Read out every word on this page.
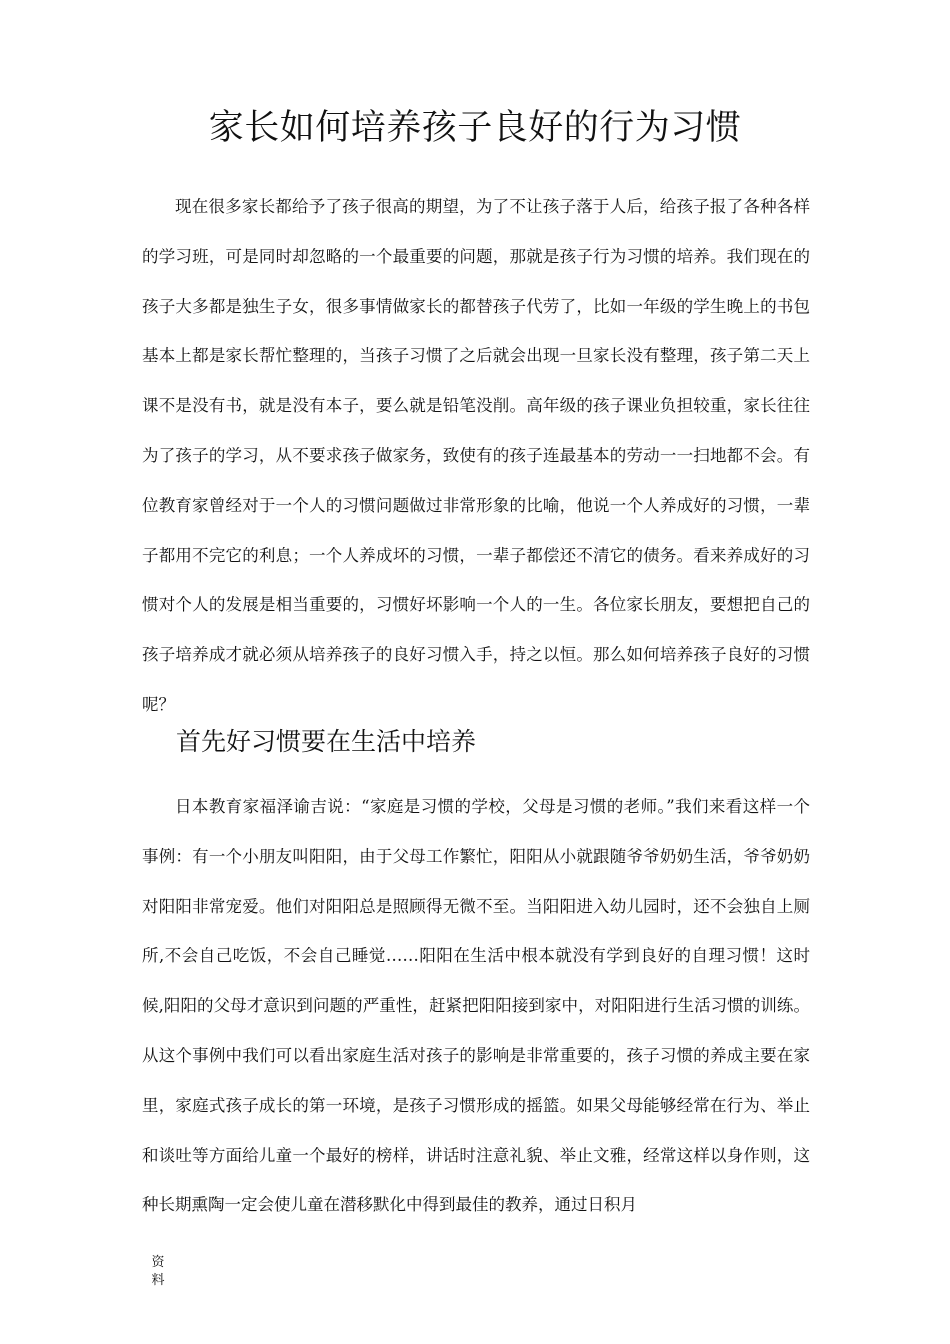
家长如何培养孩子良好的行为习惯

现在很多家长都给予了孩子很高的期望，为了不让孩子落于人后，给孩子报了各种各样的学习班，可是同时却忽略的一个最重要的问题，那就是孩子行为习惯的培养。我们现在的孩子大多都是独生子女，很多事情做家长的都替孩子代劳了，比如一年级的学生晚上的书包基本上都是家长帮忙整理的，当孩子习惯了之后就会出现一旦家长没有整理，孩子第二天上课不是没有书，就是没有本子，要么就是铅笔没削。高年级的孩子课业负担较重，家长往往为了孩子的学习，从不要求孩子做家务，致使有的孩子连最基本的劳动一一扫地都不会。有位教育家曾经对于一个人的习惯问题做过非常形象的比喻，他说一个人养成好的习惯，一辈子都用不完它的利息；一个人养成坏的习惯，一辈子都偿还不清它的债务。看来养成好的习惯对个人的发展是相当重要的，习惯好坏影响一个人的一生。各位家长朋友，要想把自己的孩子培养成才就必须从培养孩子的良好习惯入手，持之以恒。那么如何培养孩子良好的习惯呢？

首先好习惯要在生活中培养

日本教育家福泽谕吉说：“家庭是习惯的学校，父母是习惯的老师。”我们来看这样一个事例：有一个小朋友叫阳阳，由于父母工作繁忙，阳阳从小就跟随爷爷奶奶生活，爷爷奶奶对阳阳非常宠爱。他们对阳阳总是照顾得无微不至。当阳阳进入幼儿园时，还不会独自上厕所,不会自己吃饭，不会自己睡觉……阳阳在生活中根本就没有学到良好的自理习惯！这时候,阳阳的父母才意识到问题的严重性，赶紧把阳阳接到家中，对阳阳进行生活习惯的训练。从这个事例中我们可以看出家庭生活对孩子的影响是非常重要的，孩子习惯的养成主要在家里，家庭式孩子成长的第一环境，是孩子习惯形成的摇篮。如果父母能够经常在行为、举止和谈吐等方面给儿童一个最好的榜样，讲话时注意礼貌、举止文雅，经常这样以身作则，这种长期熏陶一定会使儿童在潜移默化中得到最佳的教养，通过日积月

资料
